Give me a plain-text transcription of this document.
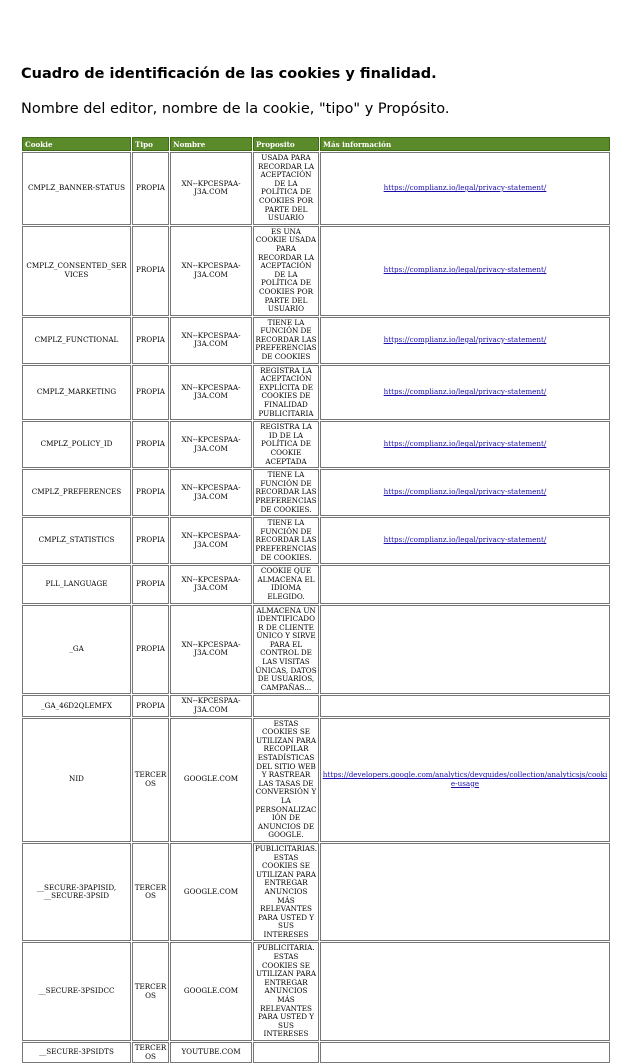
Cuadro de identificación de las cookies y finalidad.
Nombre del editor, nombre de la cookie, "tipo" y Propósito.
Cookie	Tipo	Nombre	Proposito	Más información
CMPLZ_BANNER-STATUS	PROPIA	XN--KPCESPAA-J3A.COM	USADA PARA RECORDAR LA ACEPTACIÓN DE LA POLÍTICA DE COOKIES POR PARTE DEL USUARIO	https://complianz.io/legal/privacy-statement/
CMPLZ_CONSENTED_SERVICES	PROPIA	XN--KPCESPAA-J3A.COM	ES UNA COOKIE USADA PARA RECORDAR LA ACEPTACIÓN DE LA POLÍTICA DE COOKIES POR PARTE DEL USUARIO	https://complianz.io/legal/privacy-statement/
CMPLZ_FUNCTIONAL	PROPIA	XN--KPCESPAA-J3A.COM	TIENE LA FUNCIÓN DE RECORDAR LAS PREFERENCIAS DE COOKIES	https://complianz.io/legal/privacy-statement/
CMPLZ_MARKETING	PROPIA	XN--KPCESPAA-J3A.COM	REGISTRA LA ACEPTACIÓN EXPLÍCITA DE COOKIES DE FINALIDAD PUBLICITARIA	https://complianz.io/legal/privacy-statement/
CMPLZ_POLICY_ID	PROPIA	XN--KPCESPAA-J3A.COM	REGISTRA LA ID DE LA POLÍTICA DE COOKIE ACEPTADA	https://complianz.io/legal/privacy-statement/
CMPLZ_PREFERENCES	PROPIA	XN--KPCESPAA-J3A.COM	TIENE LA FUNCIÓN DE RECORDAR LAS PREFERENCIAS DE COOKIES.	https://complianz.io/legal/privacy-statement/
CMPLZ_STATISTICS	PROPIA	XN--KPCESPAA-J3A.COM	TIENE LA FUNCIÓN DE RECORDAR LAS PREFERENCIAS DE COOKIES.	https://complianz.io/legal/privacy-statement/
PLL_LANGUAGE	PROPIA	XN--KPCESPAA-J3A.COM	COOKIE QUE ALMACENA EL IDIOMA ELEGIDO.	
_GA	PROPIA	XN--KPCESPAA-J3A.COM	ALMACENA UN IDENTIFICADOR DE CLIENTE ÚNICO Y SIRVE PARA EL CONTROL DE LAS VISITAS ÚNICAS, DATOS DE USUARIOS, CAMPAÑAS...	
_GA_46D2QLEMFX	PROPIA	XN--KPCESPAA-J3A.COM		
NID	TERCEROS	GOOGLE.COM	ESTAS COOKIES SE UTILIZAN PARA RECOPILAR ESTADÍSTICAS DEL SITIO WEB Y RASTREAR LAS TASAS DE CONVERSIÓN Y LA PERSONALIZACIÓN DE ANUNCIOS DE GOOGLE.	https://developers.google.com/analytics/devguides/collection/analyticsjs/cookie-usage
__SECURE-3PAPISID, __SECURE-3PSID	TERCEROS	GOOGLE.COM	PUBLICITARIAS. ESTAS COOKIES SE UTILIZAN PARA ENTREGAR ANUNCIOS MÁS RELEVANTES PARA USTED Y SUS INTERESES	
__SECURE-3PSIDCC	TERCEROS	GOOGLE.COM	PUBLICITARIA. ESTAS COOKIES SE UTILIZAN PARA ENTREGAR ANUNCIOS MÁS RELEVANTES PARA USTED Y SUS INTERESES	
__SECURE-3PSIDTS	TERCEROS	YOUTUBE.COM		
